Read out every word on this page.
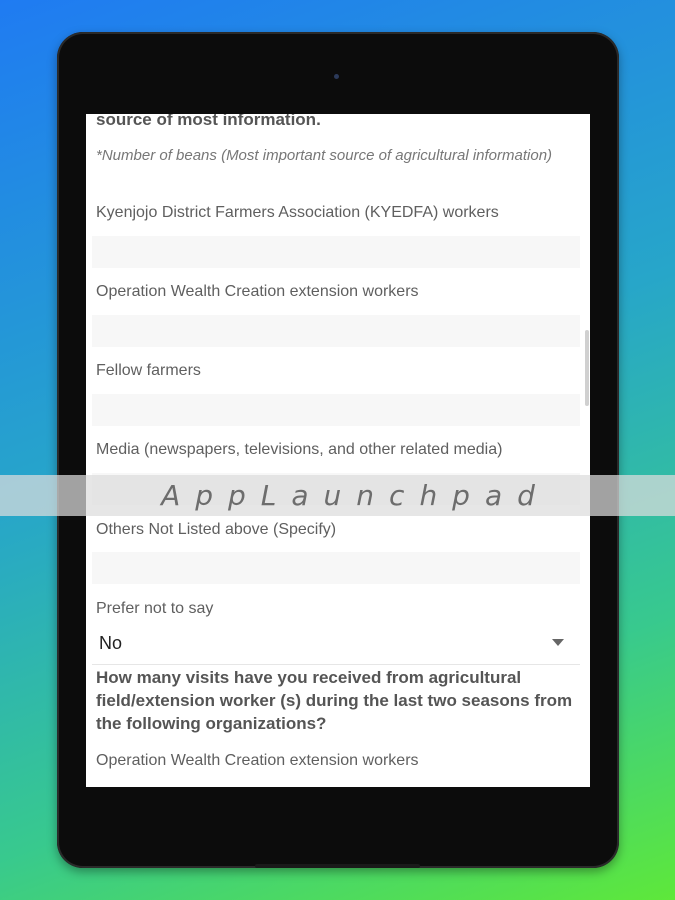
source of most information.
*Number of beans (Most important source of agricultural information)
Kyenjojo District Farmers Association (KYEDFA) workers
Operation Wealth Creation extension workers
Fellow farmers
Media (newspapers, televisions, and other related media)
Others Not Listed above (Specify)
Prefer not to say
No
How many visits have you received from agricultural field/extension worker (s) during the last two seasons from the following organizations?
Operation Wealth Creation extension workers
AppLaunchpad
